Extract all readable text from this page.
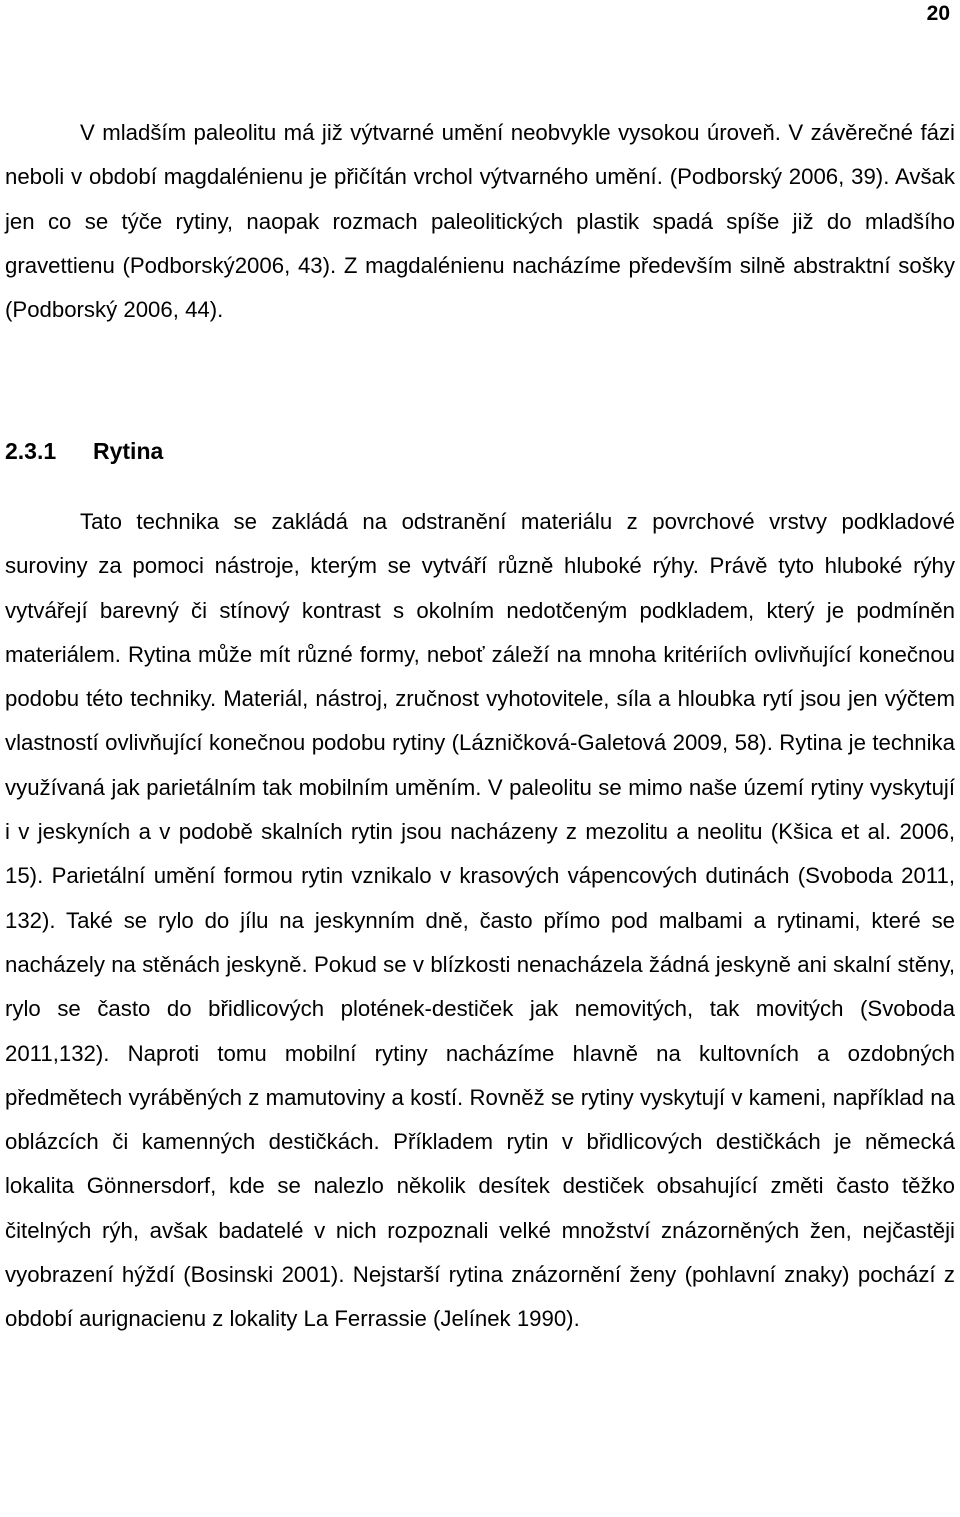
20

V mladším paleolitu má již výtvarné umění neobvykle vysokou úroveň. V závěrečné fázi neboli v období magdalénienu je přičítán vrchol výtvarného umění. (Podborský 2006, 39). Avšak jen co se týče rytiny, naopak rozmach paleolitických plastik spadá spíše již do mladšího gravettienu (Podborský2006, 43). Z magdalénienu nacházíme především silně abstraktní sošky (Podborský 2006, 44).

2.3.1 Rytina

Tato technika se zakládá na odstranění materiálu z povrchové vrstvy podkladové suroviny za pomoci nástroje, kterým se vytváří různě hluboké rýhy. Právě tyto hluboké rýhy vytvářejí barevný či stínový kontrast s okolním nedotčeným podkladem, který je podmíněn materiálem. Rytina může mít různé formy, neboť záleží na mnoha kritériích ovlivňující konečnou podobu této techniky. Materiál, nástroj, zručnost vyhotovitele, síla a hloubka rytí jsou jen výčtem vlastností ovlivňující konečnou podobu rytiny (Lázničková-Galetová 2009, 58). Rytina je technika využívaná jak parietálním tak mobilním uměním. V paleolitu se mimo naše území rytiny vyskytují i v jeskyních a v podobě skalních rytin jsou nacházeny z mezolitu a neolitu (Kšica et al. 2006, 15). Parietální umění formou rytin vznikalo v krasových vápencových dutinách (Svoboda 2011, 132). Také se rylo do jílu na jeskynním dně, často přímo pod malbami a rytinami, které se nacházely na stěnách jeskyně. Pokud se v blízkosti nenacházela žádná jeskyně ani skalní stěny, rylo se často do břidlicových plotének-destiček jak nemovitých, tak movitých (Svoboda 2011,132). Naproti tomu mobilní rytiny nacházíme hlavně na kultovních a ozdobných předmětech vyráběných z mamutoviny a kostí. Rovněž se rytiny vyskytují v kameni, například na oblázcích či kamenných destičkách. Příkladem rytin v břidlicových destičkách je německá lokalita Gönnersdorf, kde se nalezlo několik desítek destiček obsahující změti často těžko čitelných rýh, avšak badatelé v nich rozpoznali velké množství znázorněných žen, nejčastěji vyobrazení hýždí (Bosinski 2001). Nejstarší rytina znázornění ženy (pohlavní znaky) pochází z období aurignacienu z lokality La Ferrassie (Jelínek 1990).
